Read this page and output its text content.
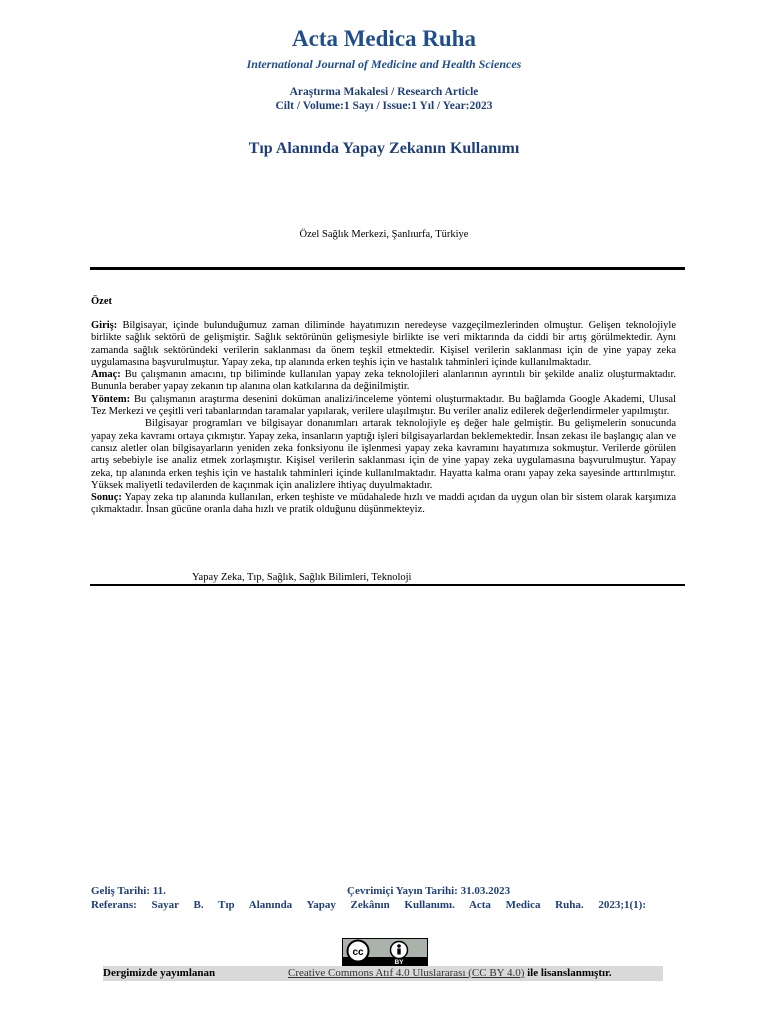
Acta Medica Ruha
International Journal of Medicine and Health Sciences
Araştırma Makalesi / Research Article
Cilt / Volume:1 Sayı / Issue:1 Yıl / Year:2023
Tıp Alanında Yapay Zekanın Kullanımı
Özel Sağlık Merkezi, Şanlıurfa, Türkiye
Özet

Giriş: Bilgisayar, içinde bulunduğumuz zaman diliminde hayatımızın neredeyse vazgeçilmezlerinden olmuştur. Gelişen teknolojiyle birlikte sağlık sektörü de gelişmiştir. Sağlık sektörünün gelişmesiyle birlikte ise veri miktarında da ciddi bir artış görülmektedir. Aynı zamanda sağlık sektöründeki verilerin saklanması da önem teşkil etmektedir. Kişisel verilerin saklanması için de yine yapay zeka uygulamasına başvurulmuştur. Yapay zeka, tıp alanında erken teşhis için ve hastalık tahminleri içinde kullanılmaktadır.

Amaç: Bu çalışmanın amacını, tıp biliminde kullanılan yapay zeka teknolojileri alanlarının ayrıntılı bir şekilde analiz oluşturmaktadır. Bununla beraber yapay zekanın tıp alanına olan katkılarına da değinilmiştir.

Yöntem: Bu çalışmanın araştırma desenini doküman analizi/inceleme yöntemi oluşturmaktadır. Bu bağlamda Google Akademi, Ulusal Tez Merkezi ve çeşitli veri tabanlarından taramalar yapılarak, verilere ulaşılmıştır. Bu veriler analiz edilerek değerlendirmeler yapılmıştır.

Bilgisayar programları ve bilgisayar donanımları artarak teknolojiyle eş değer hale gelmiştir. Bu gelişmelerin sonucunda yapay zeka kavramı ortaya çıkmıştır. Yapay zeka, insanların yaptığı işleri bilgisayarlardan beklemektedir. İnsan zekası ile başlangıç alan ve cansız aletler olan bilgisayarların yeniden zeka fonksiyonu ile işlenmesi yapay zeka kavramını hayatımıza sokmuştur. Verilerde görülen artış sebebiyle ise analiz etmek zorlaşmıştır. Kişisel verilerin saklanması için de yine yapay zeka uygulamasına başvurulmuştur. Yapay zeka, tıp alanında erken teşhis için ve hastalık tahminleri içinde kullanılmaktadır. Hayatta kalma oranı yapay zeka sayesinde arttırılmıştır. Yüksek maliyetli tedavilerden de kaçınmak için analizlere ihtiyaç duyulmaktadır.

Sonuç: Yapay zeka tıp alanında kullanılan, erken teşhiste ve müdahalede hızlı ve maddi açıdan da uygun olan bir sistem olarak karşımıza çıkmaktadır. İnsan gücüne oranla daha hızlı ve pratik olduğunu düşünmekteyiz.

Yapay Zeka, Tıp, Sağlık, Sağlık Bilimleri, Teknoloji
Geliş Tarihi: 11.	Çevrimiçi Yayın Tarihi: 31.03.2023
Referans: Sayar B. Tıp Alanında Yapay Zekânın Kullanımı. Acta Medica Ruha. 2023;1(1):
cc
BY
Dergimizde yayımlanan	Creative Commons Atıf 4.0 Uluslararası (CC BY 4.0) ile lisanslanmıştır.
